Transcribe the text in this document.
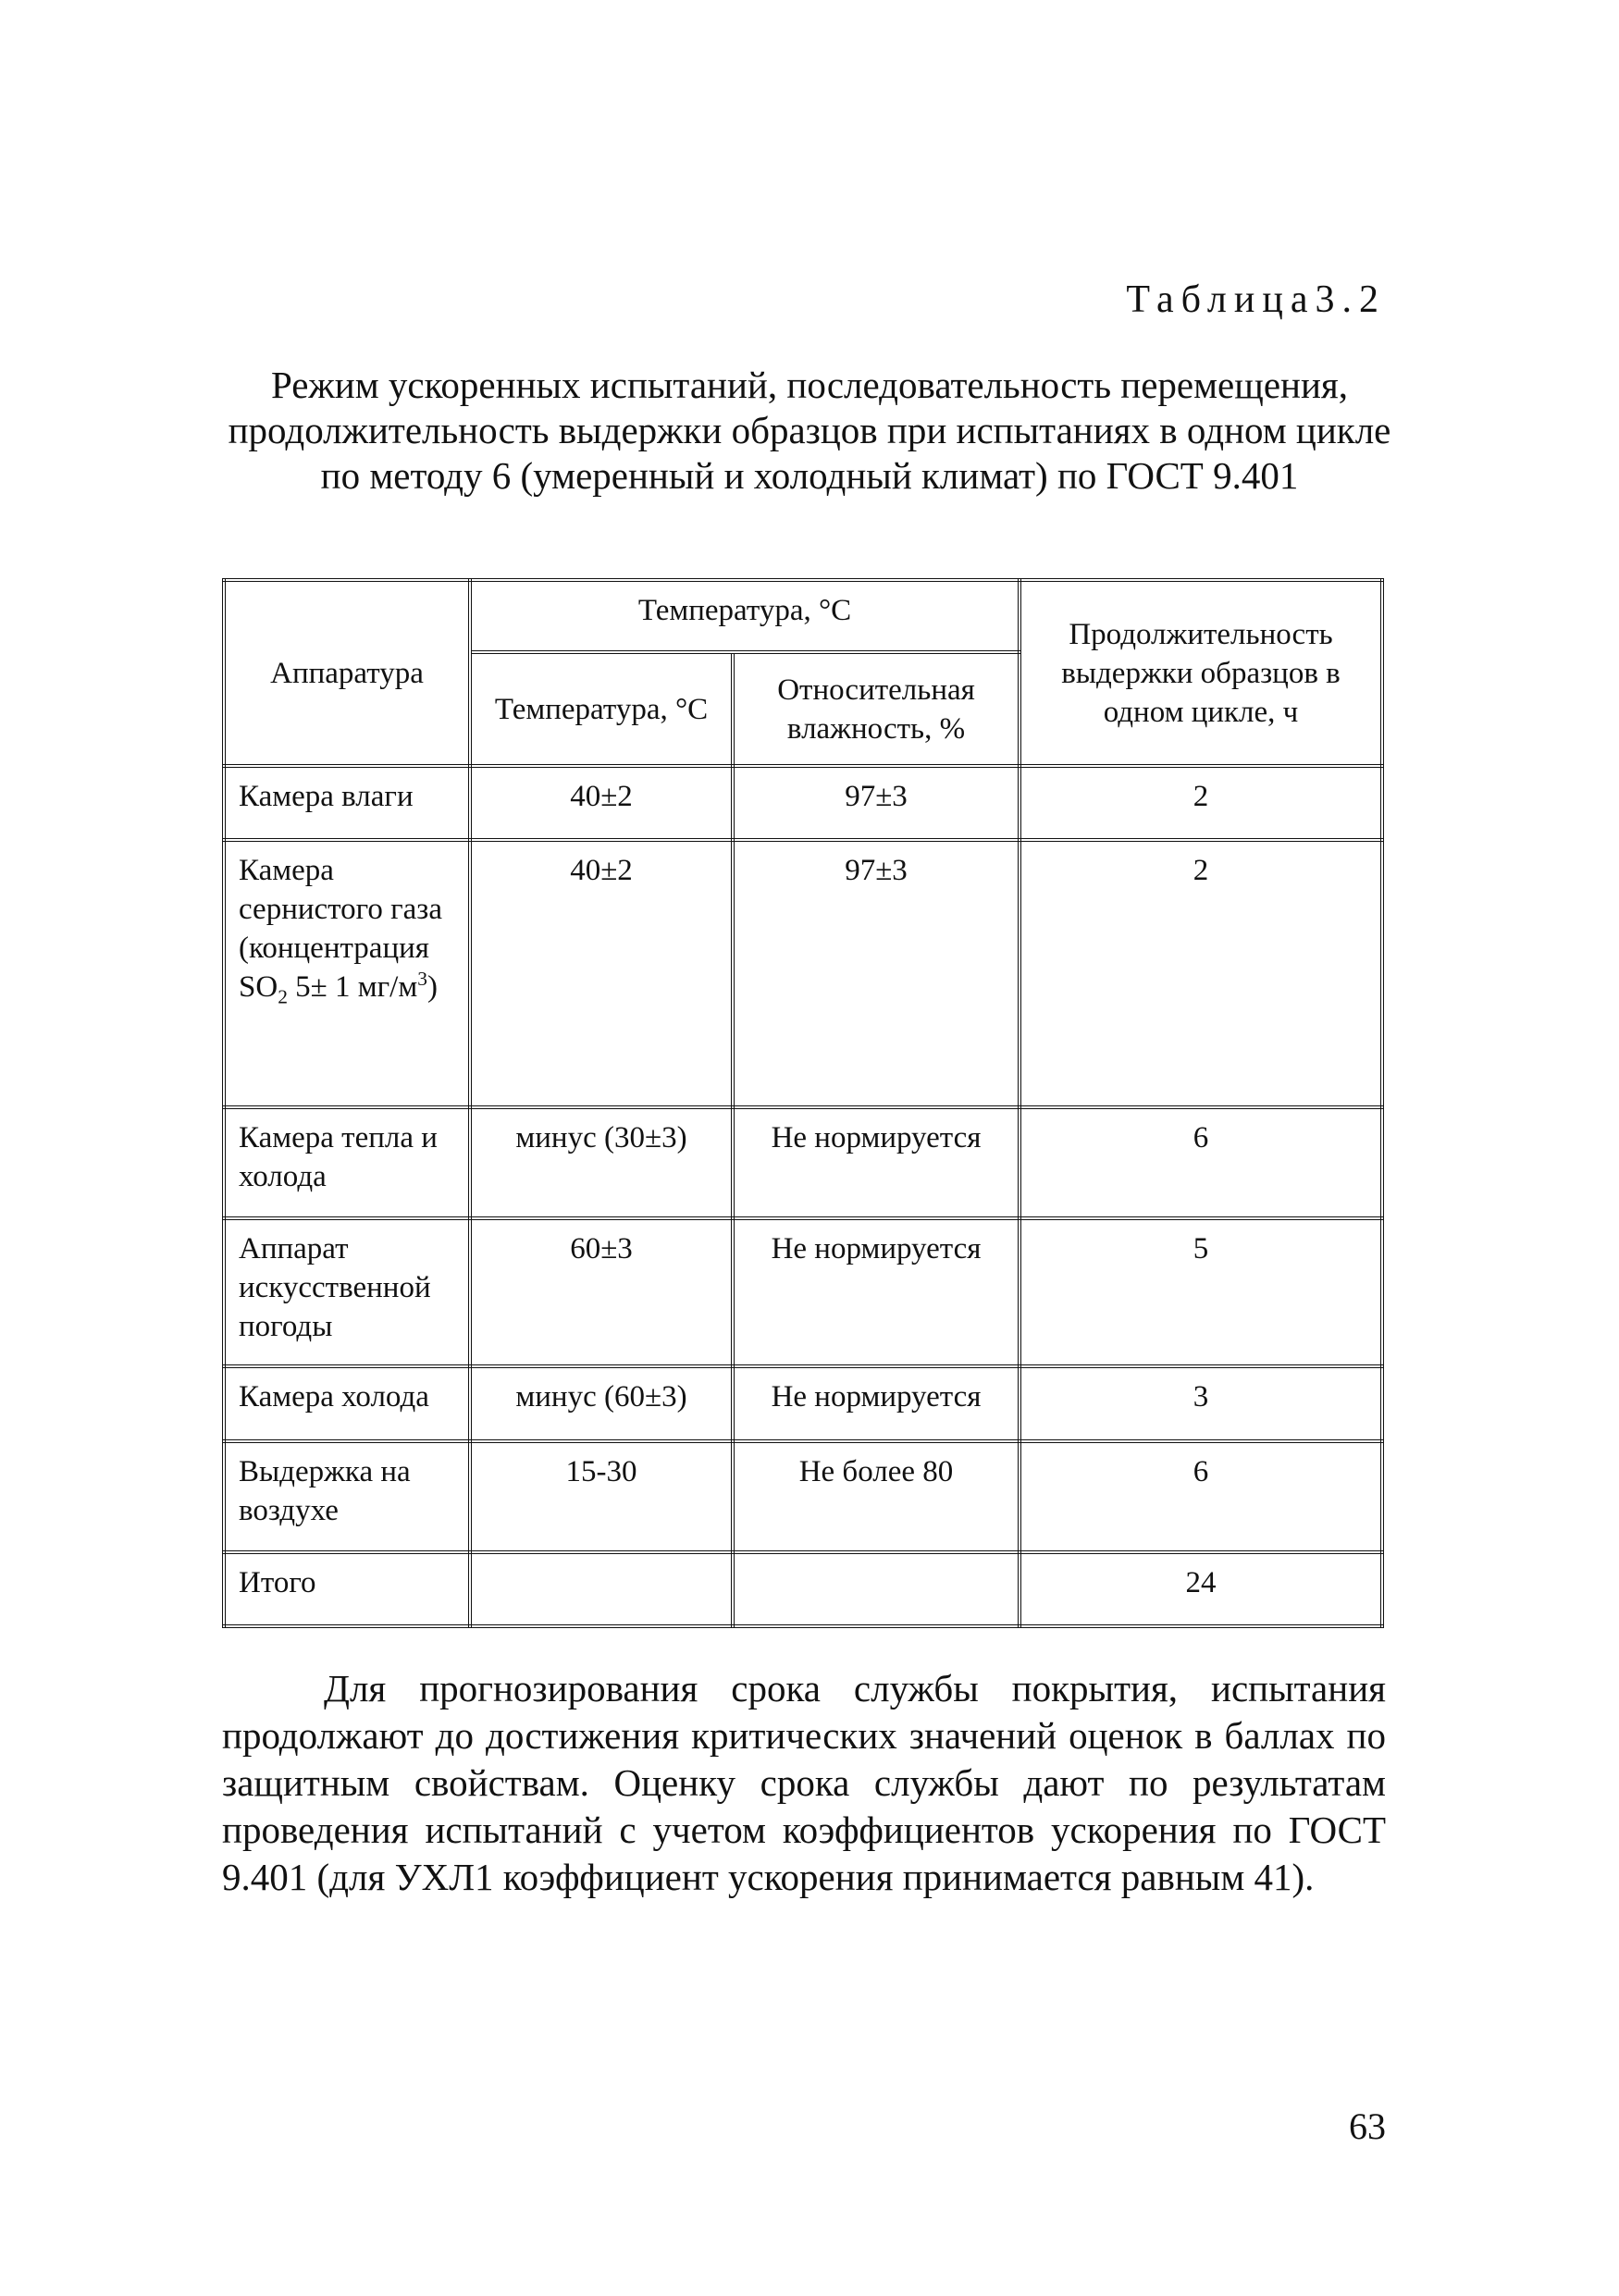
Таблица3.2
Режим ускоренных испытаний, последовательность перемещения, продолжительность выдержки образцов при испытаниях в одном цикле по методу 6 (умеренный и холодный климат) по ГОСТ 9.401
Аппаратура	Температура, °С		Продолжительность выдержки образцов в одном цикле, ч
	Температура, °С	Относительная влажность, %	
Камера влаги	40±2	97±3	2
Камера сернистого газа (концентрация $SO_2$ 5± 1 $мг/м^3$)	40±2	97±3	2
Камера тепла и холода	минус (30±3)	Не нормируется	6
Аппарат искусственной погоды	60±3	Не нормируется	5
Камера холода	минус (60±3)	Не нормируется	3
Выдержка на воздухе	15-30	Не более 80	6
Итого			24

Для прогнозирования срока службы покрытия, испытания продолжают до достижения критических значений оценок в баллах по защитным свойствам. Оценку срока службы дают по результатам проведения испытаний с учетом коэффициентов ускорения по ГОСТ 9.401 (для УХЛ1 коэффициент ускорения принимается равным 41).

63
